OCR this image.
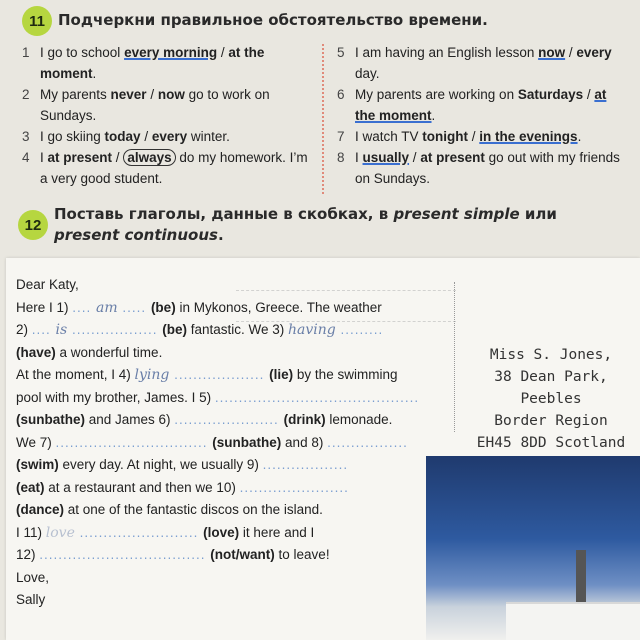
11 Подчеркни правильное обстоятельство времени.
1 I go to school every morning / at the moment.
2 My parents never / now go to work on Sundays.
3 I go skiing today / every winter.
4 I at present / always do my homework. I’m a very good student.
5 I am having an English lesson now / every day.
6 My parents are working on Saturdays / at the moment.
7 I watch TV tonight / in the evenings.
8 I usually / at present go out with my friends on Sundays.
12
Поставь глаголы, данные в скобках, в present simple или present continuous.
Dear Katy,
Here I 1) .... am ..... (be) in Mykonos, Greece. The weather
2) .... is .................. (be) fantastic. We 3) having .........
(have) a wonderful time.
At the moment, I 4) lying ................... (lie) by the swimming
pool with my brother, James. I 5) ...........................................
(sunbathe) and James 6) ...................... (drink) lemonade.
We 7) ................................ (sunbathe) and 8) .................
(swim) every day. At night, we usually 9) ..................
(eat) at a restaurant and then we 10) .......................
(dance) at one of the fantastic discos on the island.
I 11) love ......................... (love) it here and I
12) ................................... (not/want) to leave!
Love,
Sally
Miss S. Jones,
38 Dean Park, Peebles
Border Region
EH45 8DD Scotland
